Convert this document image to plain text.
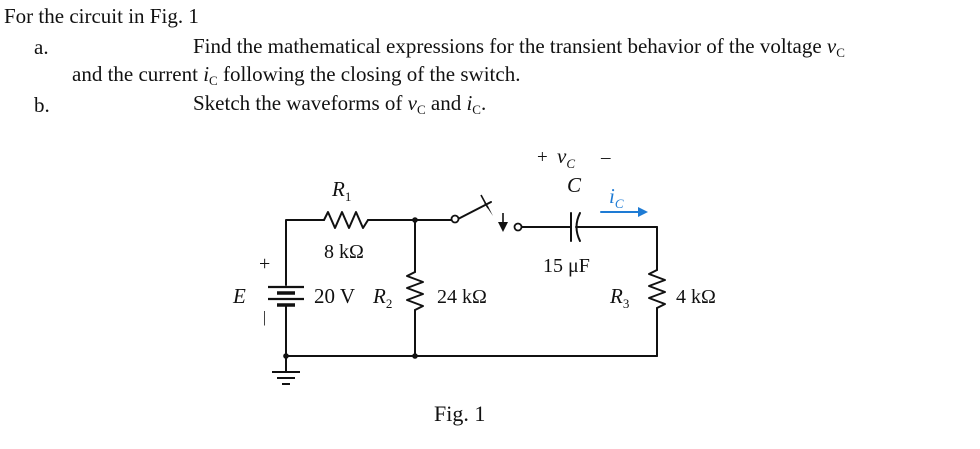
For the circuit in Fig. 1
a.	Find the mathematical expressions for the transient behavior of the voltage $v_C$
and the current $i_C$ following the closing of the switch.
b.	Sketch the waveforms of $v_C$ and $i_C$.
+
|
E	20 V
$R_1$
8 kΩ
$R_2$ 24 kΩ
+ $v_C$ –
C
15 μF
$i_C$
$R_3$ 4 kΩ
Fig. 1
